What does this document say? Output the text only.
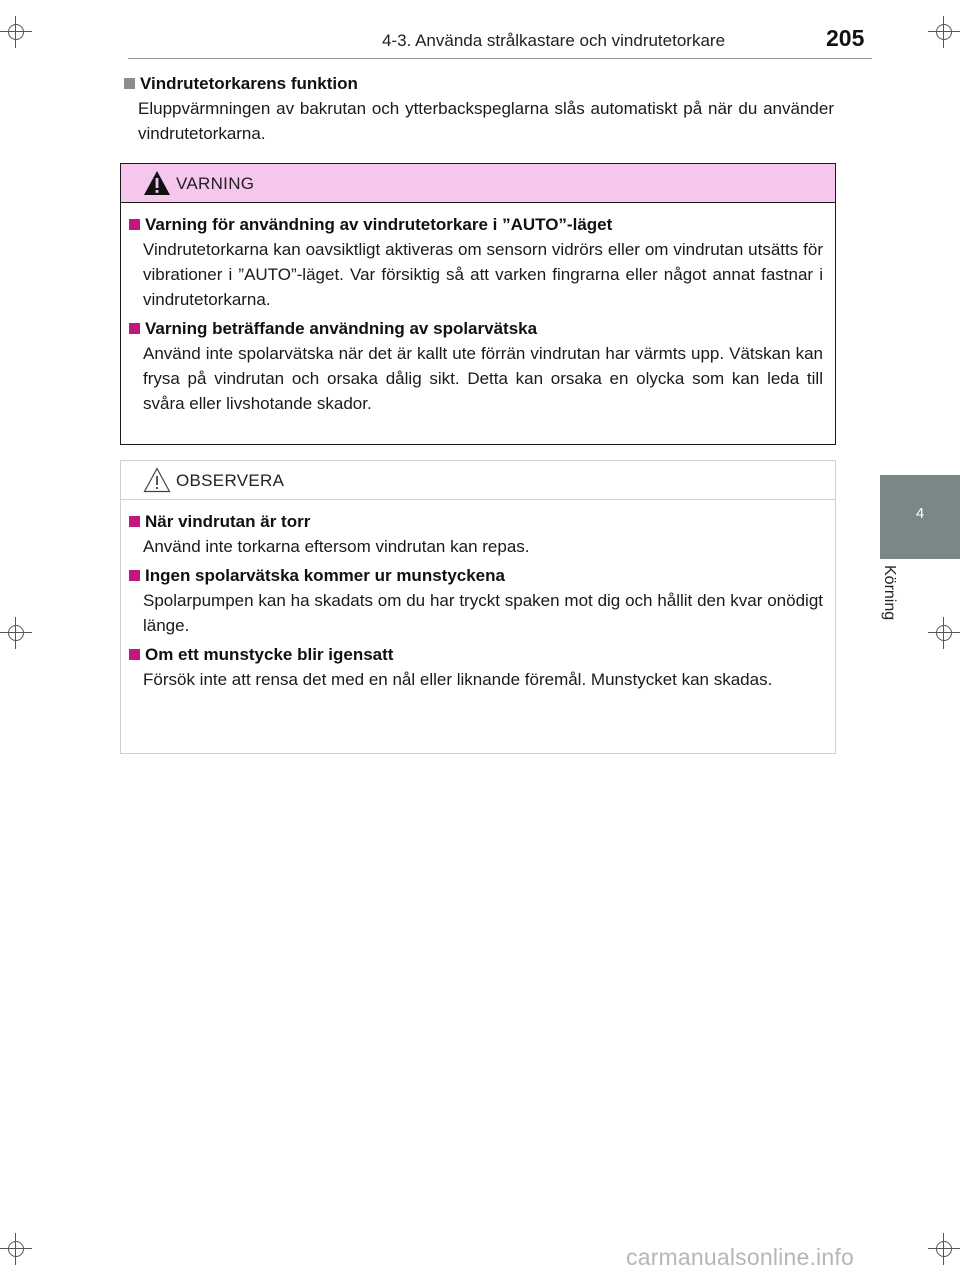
4-3. Använda strålkastare och vindrutetorkare	205
4
Körning
Vindrutetorkarens funktion
Eluppvärmningen av bakrutan och ytterbackspeglarna slås automatiskt på när du använder vindrutetorkarna.
VARNING
Varning för användning av vindrutetorkare i ”AUTO”-läget
Vindrutetorkarna kan oavsiktligt aktiveras om sensorn vidrörs eller om vindrutan utsätts för vibrationer i ”AUTO”-läget. Var försiktig så att varken fingrarna eller något annat fastnar i vindrutetorkarna.
Varning beträffande användning av spolarvätska
Använd inte spolarvätska när det är kallt ute förrän vindrutan har värmts upp. Vätskan kan frysa på vindrutan och orsaka dålig sikt. Detta kan orsaka en olycka som kan leda till svåra eller livshotande skador.
OBSERVERA
När vindrutan är torr
Använd inte torkarna eftersom vindrutan kan repas.
Ingen spolarvätska kommer ur munstyckena
Spolarpumpen kan ha skadats om du har tryckt spaken mot dig och hållit den kvar onödigt länge.
Om ett munstycke blir igensatt
Försök inte att rensa det med en nål eller liknande föremål. Munstycket kan skadas.
carmanualsonline.info
